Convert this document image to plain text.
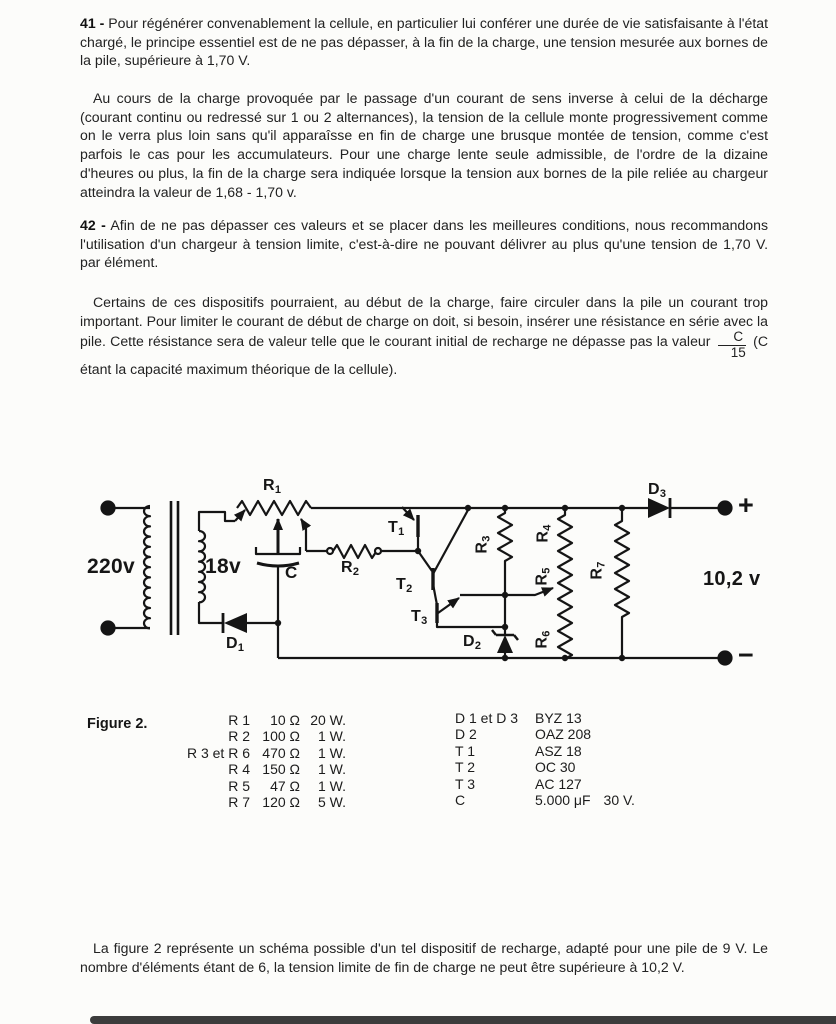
41 - Pour régénérer convenablement la cellule, en particulier lui conférer une durée de vie satisfaisante à l'état chargé, le principe essentiel est de ne pas dépasser, à la fin de la charge, une tension mesurée aux bornes de la pile, supérieure à 1,70 V.
Au cours de la charge provoquée par le passage d'un courant de sens inverse à celui de la décharge (courant continu ou redressé sur 1 ou 2 alternances), la tension de la cellule monte progressivement comme on le verra plus loin sans qu'il apparaîsse en fin de charge une brusque montée de tension, comme c'est parfois le cas pour les accumulateurs. Pour une charge lente seule admissible, de l'ordre de la dizaine d'heures ou plus, la fin de la charge sera indiquée lorsque la tension aux bornes de la pile reliée au chargeur atteindra la valeur de 1,68 - 1,70 v.
42 - Afin de ne pas dépasser ces valeurs et se placer dans les meilleures conditions, nous recommandons l'utilisation d'un chargeur à tension limite, c'est-à-dire ne pouvant délivrer au plus qu'une tension de 1,70 V. par élément.
Certains de ces dispositifs pourraient, au début de la charge, faire circuler dans la pile un courant trop important. Pour limiter le courant de début de charge on doit, si besoin, insérer une résistance en série avec la pile. Cette résistance sera de valeur telle que le courant initial de recharge ne dépasse pas la valeur $\frac{C}{15} (C$ étant la capacité maximum théorique de la cellule).
220v	18v
$R_1$
$R_2$
C
$D_1$	$D_2$
$D_3$
$T_1$
$T_2$
$T_3$
$R_3$	$R_4$
$R_5$
$R_6$
$R_7$
+
−
10,2 v
Figure 2.	R 1	10 Ω 20 W.
R 2 100 Ω	1 W.
R 3 et R 6 470 Ω	1 W.
R 4 150 Ω	1 W.
R 5	47 Ω	1 W.
R 7 120 Ω	5 W.
D 1 et D 3	BYZ 13
D 2	OAZ 208
T 1	ASZ 18
T 2	OC 30
T 3	AC 127
C	5.000 μF 30 V.
La figure 2 représente un schéma possible d'un tel dispositif de recharge, adapté pour une pile de 9 V. Le nombre d'éléments étant de 6, la tension limite de fin de charge ne peut être supérieure à 10,2 V.
